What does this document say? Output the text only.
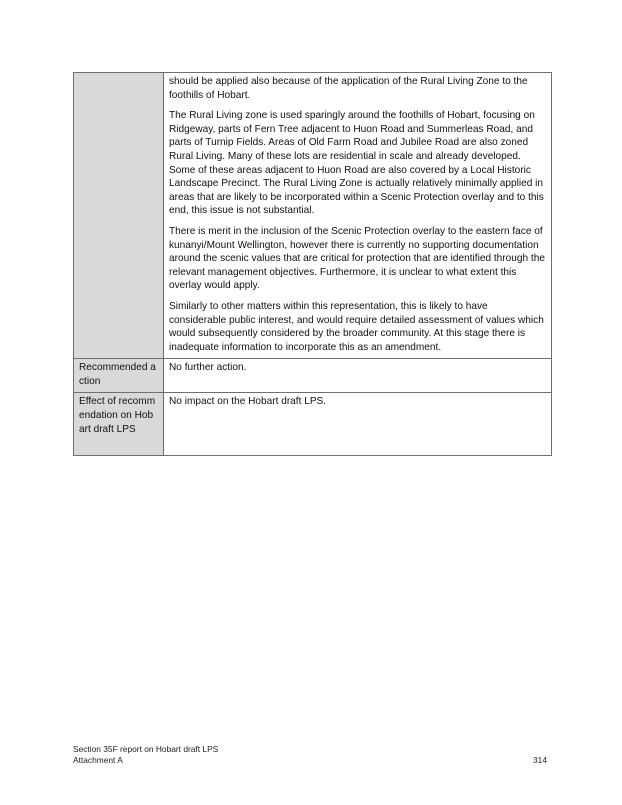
	should be applied also because of the application of the Rural Living Zone to the foothills of Hobart.

The Rural Living zone is used sparingly around the foothills of Hobart, focusing on Ridgeway, parts of Fern Tree adjacent to Huon Road and Summerleas Road, and parts of Turnip Fields. Areas of Old Farm Road and Jubilee Road are also zoned Rural Living. Many of these lots are residential in scale and already developed. Some of these areas adjacent to Huon Road are also covered by a Local Historic Landscape Precinct. The Rural Living Zone is actually relatively minimally applied in areas that are likely to be incorporated within a Scenic Protection overlay and to this end, this issue is not substantial.

There is merit in the inclusion of the Scenic Protection overlay to the eastern face of kunanyi/Mount Wellington, however there is currently no supporting documentation around the scenic values that are critical for protection that are identified through the relevant management objectives. Furthermore, it is unclear to what extent this overlay would apply.

Similarly to other matters within this representation, this is likely to have considerable public interest, and would require detailed assessment of values which would subsequently considered by the broader community. At this stage there is inadequate information to incorporate this as an amendment.

Recommended action	No further action.

Effect of recommendation on Hobart draft LPS	No impact on the Hobart draft LPS.

Section 35F report on Hobart draft LPS
Attachment A	314
